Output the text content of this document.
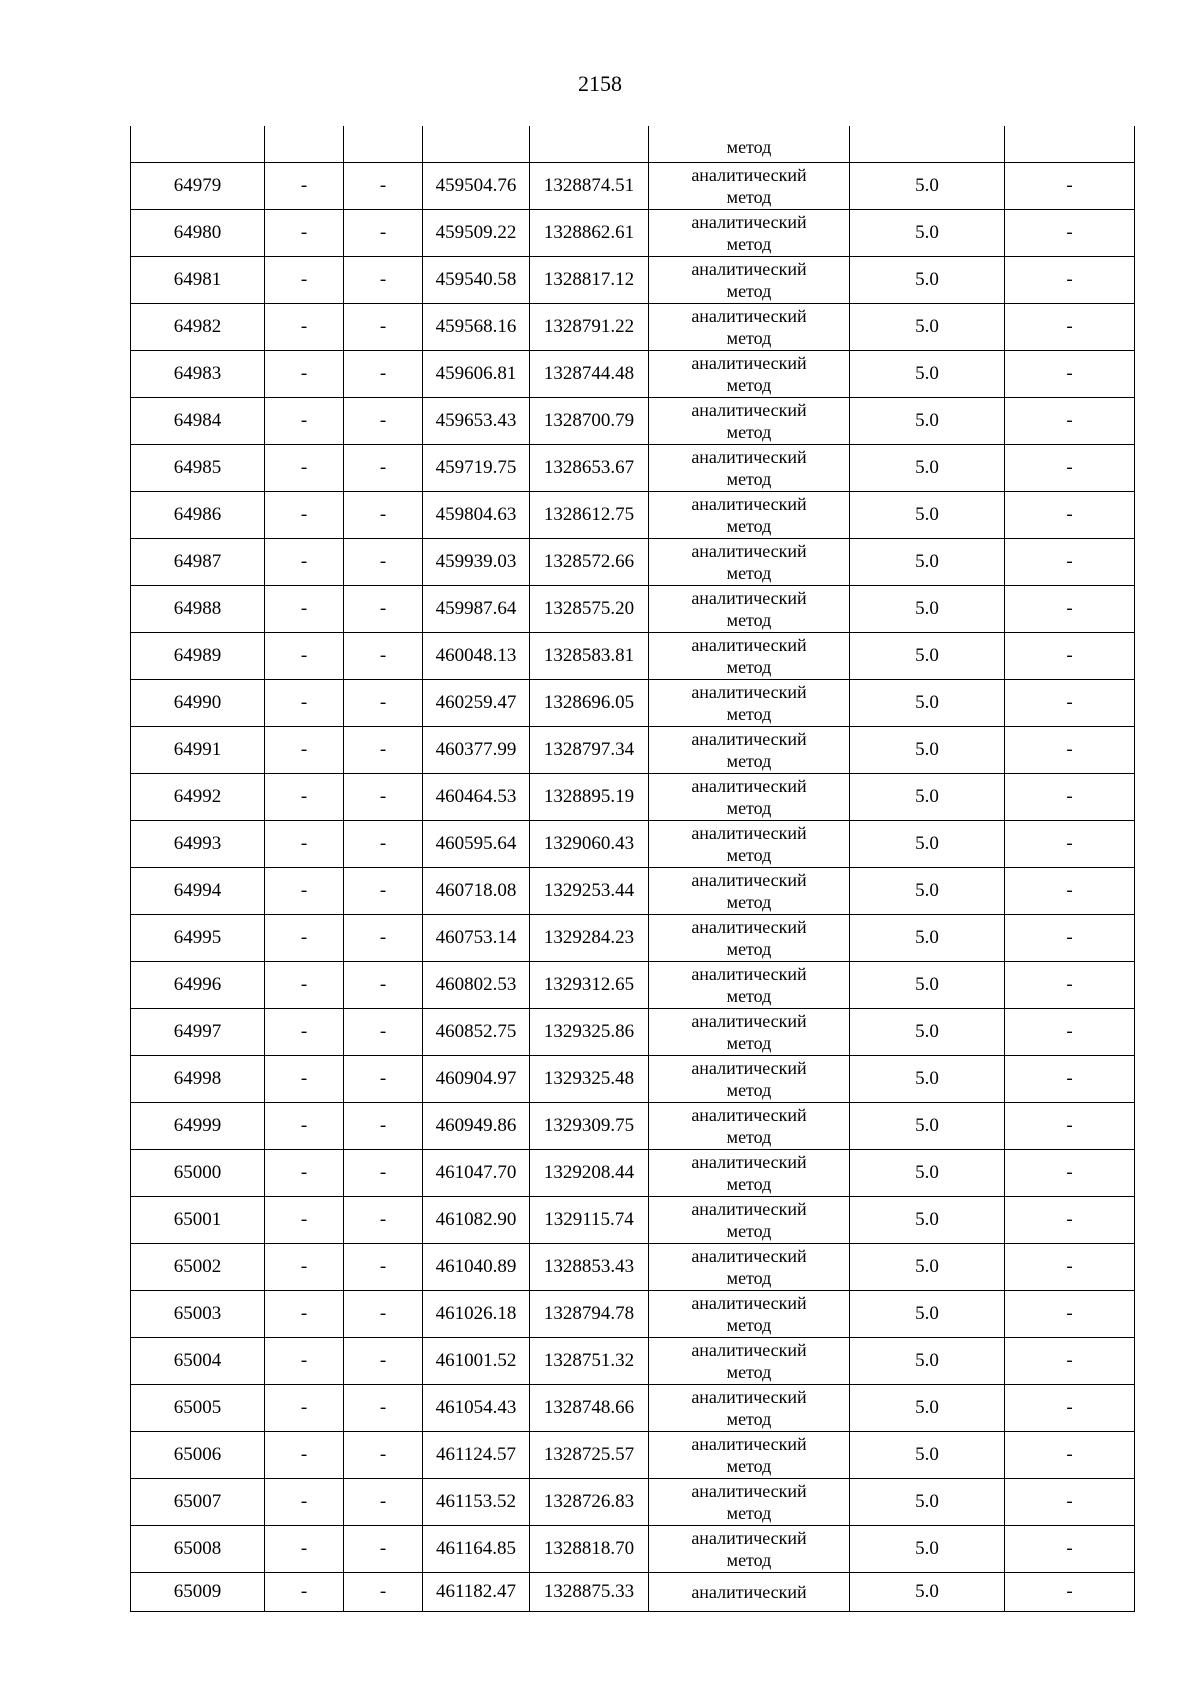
2158

					метод		

64979	-	-	459504.76	1328874.51	аналитический
метод	5.0	-
64980	-	-	459509.22	1328862.61	аналитический
метод	5.0	-
64981	-	-	459540.58	1328817.12	аналитический
метод	5.0	-
64982	-	-	459568.16	1328791.22	аналитический
метод	5.0	-
64983	-	-	459606.81	1328744.48	аналитический
метод	5.0	-
64984	-	-	459653.43	1328700.79	аналитический
метод	5.0	-
64985	-	-	459719.75	1328653.67	аналитический
метод	5.0	-
64986	-	-	459804.63	1328612.75	аналитический
метод	5.0	-
64987	-	-	459939.03	1328572.66	аналитический
метод	5.0	-
64988	-	-	459987.64	1328575.20	аналитический
метод	5.0	-
64989	-	-	460048.13	1328583.81	аналитический
метод	5.0	-
64990	-	-	460259.47	1328696.05	аналитический
метод	5.0	-
64991	-	-	460377.99	1328797.34	аналитический
метод	5.0	-
64992	-	-	460464.53	1328895.19	аналитический
метод	5.0	-
64993	-	-	460595.64	1329060.43	аналитический
метод	5.0	-
64994	-	-	460718.08	1329253.44	аналитический
метод	5.0	-
64995	-	-	460753.14	1329284.23	аналитический
метод	5.0	-
64996	-	-	460802.53	1329312.65	аналитический
метод	5.0	-
64997	-	-	460852.75	1329325.86	аналитический
метод	5.0	-
64998	-	-	460904.97	1329325.48	аналитический
метод	5.0	-
64999	-	-	460949.86	1329309.75	аналитический
метод	5.0	-
65000	-	-	461047.70	1329208.44	аналитический
метод	5.0	-
65001	-	-	461082.90	1329115.74	аналитический
метод	5.0	-
65002	-	-	461040.89	1328853.43	аналитический
метод	5.0	-
65003	-	-	461026.18	1328794.78	аналитический
метод	5.0	-
65004	-	-	461001.52	1328751.32	аналитический
метод	5.0	-
65005	-	-	461054.43	1328748.66	аналитический
метод	5.0	-
65006	-	-	461124.57	1328725.57	аналитический
метод	5.0	-
65007	-	-	461153.52	1328726.83	аналитический
метод	5.0	-
65008	-	-	461164.85	1328818.70	аналитический
метод	5.0	-
65009	-	-	461182.47	1328875.33	аналитический	5.0	-
